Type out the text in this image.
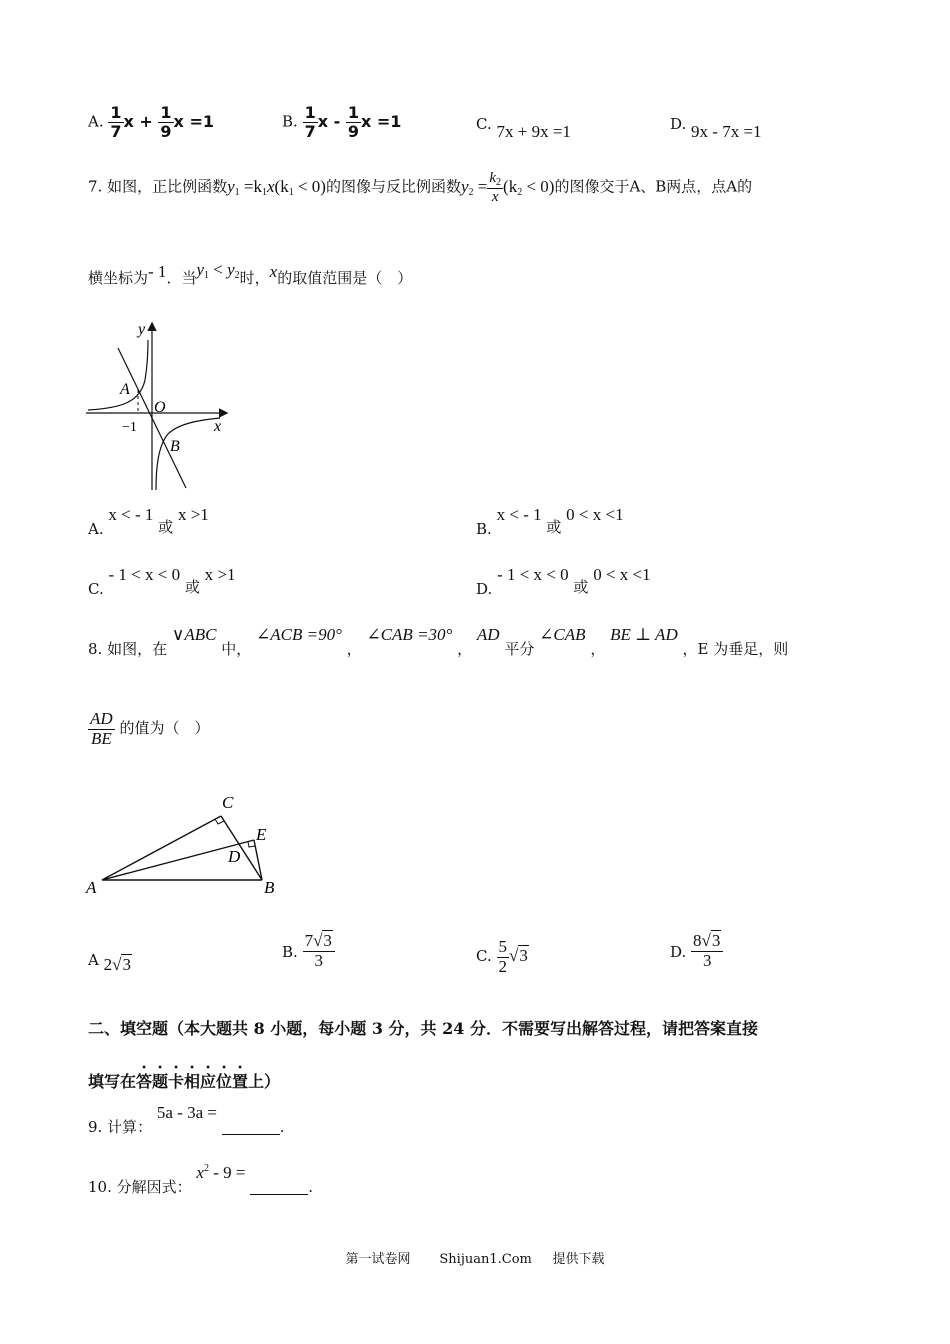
A. $\frac{1}{7}$ $x + \frac{1}{9}$ x =1	B. $\frac{1}{7}$ x - $\frac{1}{9}$ x =1	C. 7x + 9x =1	D. 9x - 7x =1
7. 如图，正比例函数$y_1 =k_1x(k_1 < 0)$的图像与反比例函数$y_2 = \frac{k_2}{x} (k_2 < 0)$的图像交于A、B两点，点A的
横坐标为- 1．当$y_1 < y_2$时，x的取值范围是（　）
y
x
O
A
B
−1
A. x < - 1 或 x >1
B. x < - 1 或 0 < x <1
C. - 1 < x < 0 或 x >1
D. - 1 < x < 0 或 0 < x <1
8. 如图，在 ∨ABC 中， ∠ACB =90° ， ∠CAB =30° ， AD 平分 ∠CAB ， BE ⊥ AD ，E 为垂足，则
$\frac{AD}{BE}$ 的值为（　）
C
E
D
A	B
A 2√3
B. $\frac{7√3}{3}$	C. $\frac{5}{2} √3$	D. $\frac{8√3}{3}$
二、填空题（本大题共 8 小题，每小题 3 分，共 24 分．不需要写出解答过程，请把答案直接
填写在答题卡相应位置上）
9. 计算： 5a - 3a =  .
10. 分解因式： $x^2 - 9$ =  .
第一试卷网 Shijuan1.Com 提供下载
